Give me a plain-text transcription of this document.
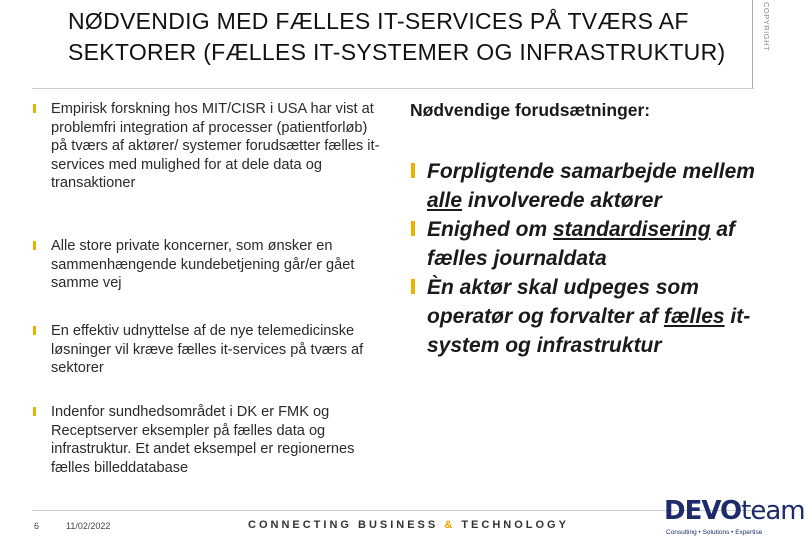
NØDVENDIG MED FÆLLES IT-SERVICES PÅ TVÆRS AF
SEKTORER (FÆLLES IT-SYSTEMER OG INFRASTRUKTUR)
COPYRIGHT
Empirisk forskning hos MIT/CISR i USA har vist at problemfri integration af processer (patientforløb) på tværs af aktører/ systemer forudsætter fælles it-services med mulighed for at dele data og transaktioner
Alle store private koncerner, som ønsker en sammenhængende kundebetjening går/er gået samme vej
En effektiv udnyttelse af de nye telemedicinske løsninger vil kræve fælles it-services på tværs af sektorer
Indenfor sundhedsområdet i DK er FMK og Receptserver eksempler på fælles data og infrastruktur. Et andet eksempel er regionernes fælles billeddatabase
Nødvendige forudsætninger:
Forpligtende samarbejde mellem alle involverede aktører
Enighed om standardisering af fælles journaldata
Èn aktør skal udpeges som operatør og forvalter af fælles it-system og infrastruktur
6	11/02/2022	CONNECTING BUSINESS & TECHNOLOGY	DEVOteam
Consulting • Solutions • Expertise
